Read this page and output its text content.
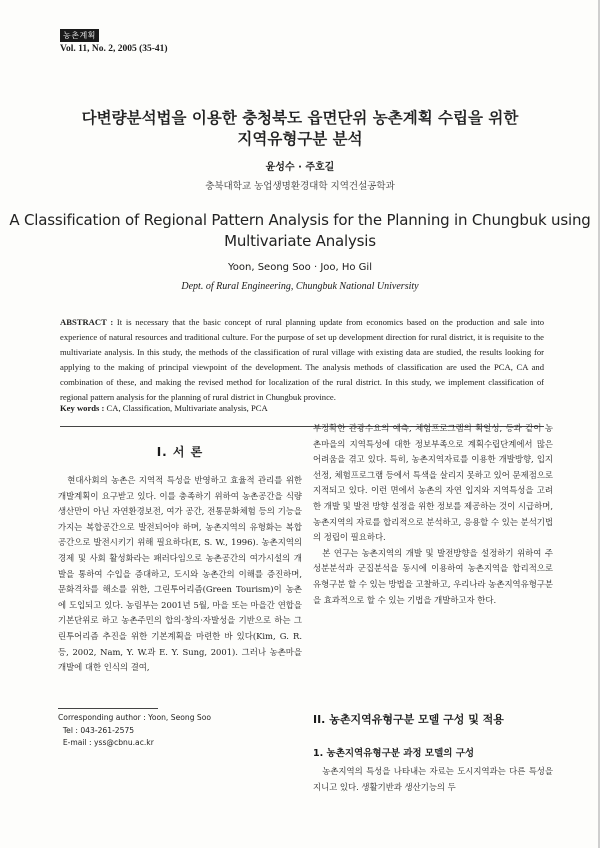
농촌계획
Vol. 11, No. 2, 2005 (35-41)
다변량분석법을 이용한 충청북도 읍면단위 농촌계획 수립을 위한
지역유형구분 분석
윤성수 · 주호길
충북대학교 농업생명환경대학 지역건설공학과
A Classification of Regional Pattern Analysis for the Planning in Chungbuk using
Multivariate Analysis
Yoon, Seong Soo · Joo, Ho Gil
Dept. of Rural Engineering, Chungbuk National University
ABSTRACT : It is necessary that the basic concept of rural planning update from economics based on the production and sale into experience of natural resources and traditional culture. For the purpose of set up development direction for rural district, it is requisite to the multivariate analysis. In this study, the methods of the classification of rural village with existing data are studied, the results looking for applying to the making of principal viewpoint of the development. The analysis methods of classification are used the PCA, CA and combination of these, and making the revised method for localization of the rural district. In this study, we implement classification of regional pattern analysis for the planning of rural district in Chungbuk province.
Key words : CA, Classification, Multivariate analysis, PCA
I. 서 론

현대사회의 농촌은 지역적 특성을 반영하고 효율적 관리를 위한 개발계획이 요구받고 있다. 이를 충족하기 위하여 농촌공간을 식량생산만이 아닌 자연환경보전, 여가 공간, 전통문화체험 등의 기능을 가지는 복합공간으로 발전되어야 하며, 농촌지역의 유형화는 복합공간으로 발전시키기 위해 필요하다(E, S. W., 1996). 농촌지역의 경제 및 사회 활성화라는 패러다임으로 농촌공간의 여가시설의 개발을 통하여 수입을 증대하고, 도시와 농촌간의 이해를 증진하며, 문화격차를 해소를 위한, 그린투어리즘(Green Tourism)이 농촌에 도입되고 있다. 농림부는 2001년 5월, 마을 또는 마을간 연합을 기본단위로 하고 농촌주민의 합의·창의·자발성을 기반으로 하는 그린투어리즘 추진을 위한 기본계획을 마련한 바 있다(Kim, G. R. 등, 2002, Nam, Y. W.과 E. Y. Sung, 2001). 그러나 농촌마을 개발에 대한 인식의 결여,

Corresponding author : Yoon, Seong Soo
Tel : 043-261-2575
E-mail : yss@cbnu.ac.kr

부정확한 관광수요의 예측, 체험프로그램의 획일성, 등과 같이 농촌마을의 지역특성에 대한 정보부족으로 계획수립단계에서 많은 어려움을 겪고 있다. 특히, 농촌지역자료를 이용한 개발방향, 입지 선정, 체험프로그램 등에서 특색을 살리지 못하고 있어 문제점으로 지적되고 있다. 이런 면에서 농촌의 자연 입지와 지역특성을 고려한 개발 및 발전 방향 설정을 위한 정보를 제공하는 것이 시급하며, 농촌지역의 자료를 합리적으로 분석하고, 응용할 수 있는 분석기법의 정립이 필요하다.

본 연구는 농촌지역의 개발 및 발전방향을 설정하기 위하여 주성분분석과 군집분석을 동시에 이용하여 농촌지역을 합리적으로 유형구분 할 수 있는 방법을 고찰하고, 우리나라 농촌지역유형구분을 효과적으로 할 수 있는 기법을 개발하고자 한다.

II. 농촌지역유형구분 모델 구성 및 적용
1. 농촌지역유형구분 과정 모델의 구성

농촌지역의 특성을 나타내는 자료는 도시지역과는 다른 특성을 지니고 있다. 생활기반과 생산기능의 두
